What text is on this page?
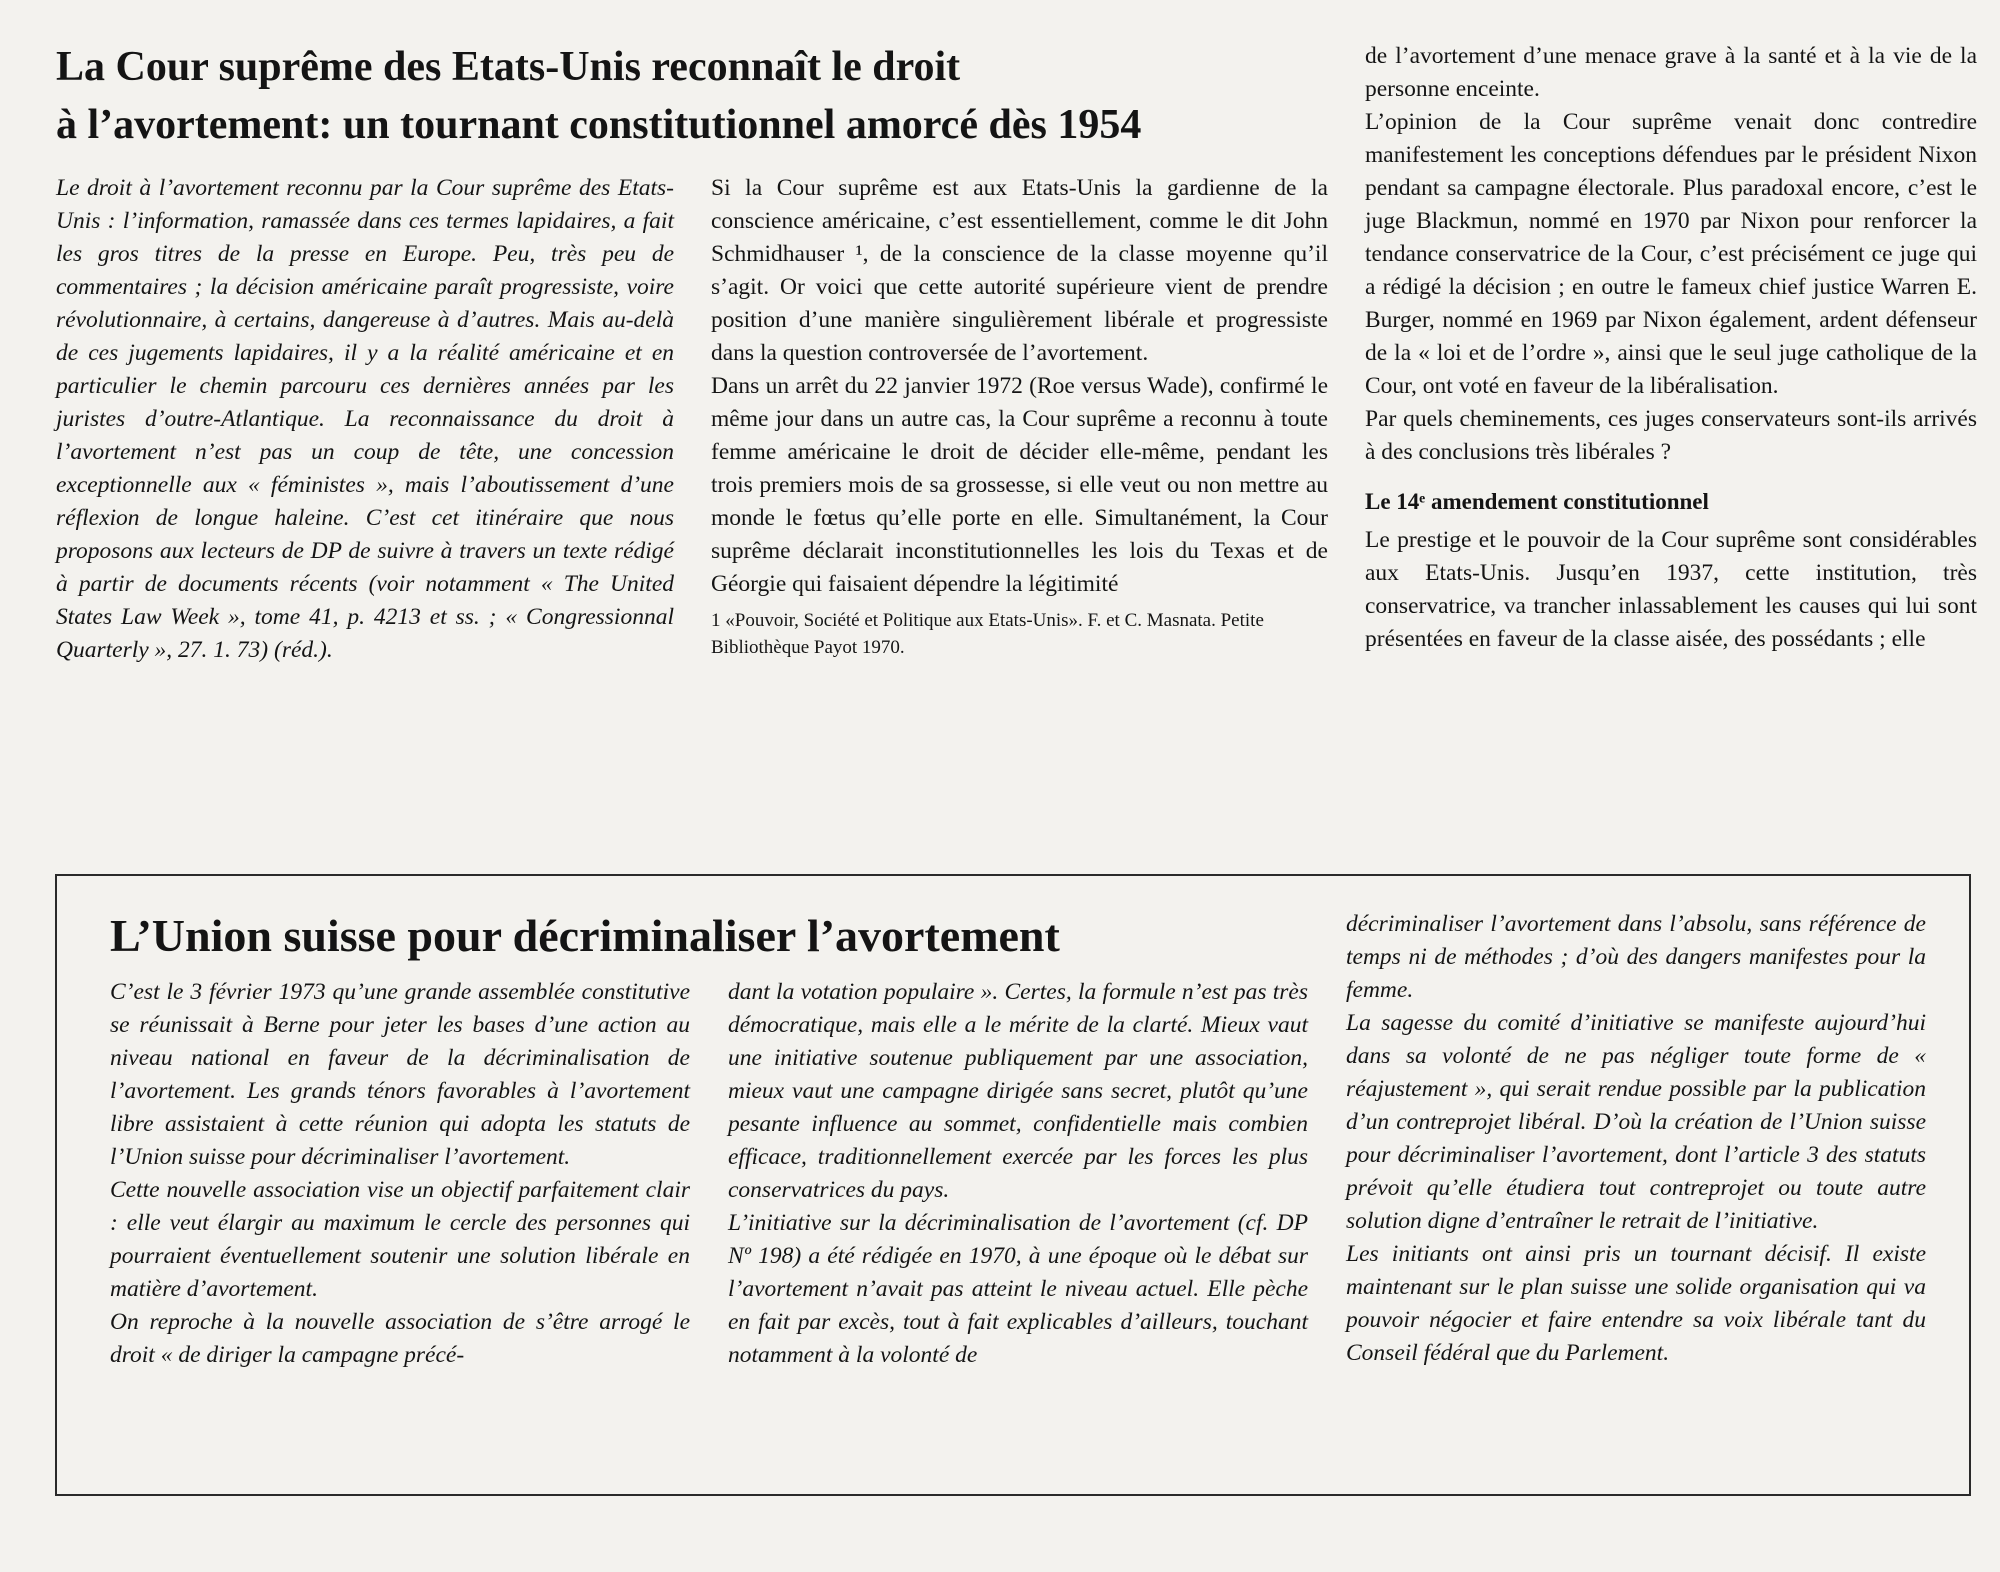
La Cour suprême des Etats-Unis reconnaît le droit
à l’avortement: un tournant constitutionnel amorcé dès 1954

Le droit à l’avortement reconnu par la Cour suprême des Etats-Unis : l’information, ramassée dans ces termes lapidaires, a fait les gros titres de la presse en Europe. Peu, très peu de commentaires ; la décision américaine paraît progressiste, voire révolutionnaire, à certains, dangereuse à d’autres. Mais au-delà de ces jugements lapidaires, il y a la réalité américaine et en particulier le chemin parcouru ces dernières années par les juristes d’outre-Atlantique. La reconnaissance du droit à l’avortement n’est pas un coup de tête, une concession exceptionnelle aux « féministes », mais l’aboutissement d’une réflexion de longue haleine. C’est cet itinéraire que nous proposons aux lecteurs de DP de suivre à travers un texte rédigé à partir de documents récents (voir notamment « The United States Law Week », tome 41, p. 4213 et ss. ; « Congressionnal Quarterly », 27. 1. 73) (réd.).

Si la Cour suprême est aux Etats-Unis la gardienne de la conscience américaine, c’est essentiellement, comme le dit John Schmidhauser ¹, de la conscience de la classe moyenne qu’il s’agit. Or voici que cette autorité supérieure vient de prendre position d’une manière singulièrement libérale et progressiste dans la question controversée de l’avortement.

Dans un arrêt du 22 janvier 1972 (Roe versus Wade), confirmé le même jour dans un autre cas, la Cour suprême a reconnu à toute femme américaine le droit de décider elle-même, pendant les trois premiers mois de sa grossesse, si elle veut ou non mettre au monde le fœtus qu’elle porte en elle. Simultanément, la Cour suprême déclarait inconstitutionnelles les lois du Texas et de Géorgie qui faisaient dépendre la légitimité

1 «Pouvoir, Société et Politique aux Etats-Unis». F. et C. Masnata. Petite Bibliothèque Payot 1970.

de l’avortement d’une menace grave à la santé et à la vie de la personne enceinte.

L’opinion de la Cour suprême venait donc contredire manifestement les conceptions défendues par le président Nixon pendant sa campagne électorale. Plus paradoxal encore, c’est le juge Blackmun, nommé en 1970 par Nixon pour renforcer la tendance conservatrice de la Cour, c’est précisément ce juge qui a rédigé la décision ; en outre le fameux chief justice Warren E. Burger, nommé en 1969 par Nixon également, ardent défenseur de la « loi et de l’ordre », ainsi que le seul juge catholique de la Cour, ont voté en faveur de la libéralisation.

Par quels cheminements, ces juges conservateurs sont-ils arrivés à des conclusions très libérales ?

Le 14ᵉ amendement constitutionnel

Le prestige et le pouvoir de la Cour suprême sont considérables aux Etats-Unis. Jusqu’en 1937, cette institution, très conservatrice, va trancher inlassablement les causes qui lui sont présentées en faveur de la classe aisée, des possédants ; elle

L’Union suisse pour décriminaliser l’avortement

C’est le 3 février 1973 qu’une grande assemblée constitutive se réunissait à Berne pour jeter les bases d’une action au niveau national en faveur de la décriminalisation de l’avortement. Les grands ténors favorables à l’avortement libre assistaient à cette réunion qui adopta les statuts de l’Union suisse pour décriminaliser l’avortement.

Cette nouvelle association vise un objectif parfaitement clair : elle veut élargir au maximum le cercle des personnes qui pourraient éventuellement soutenir une solution libérale en matière d’avortement.

On reproche à la nouvelle association de s’être arrogé le droit « de diriger la campagne précé-

dant la votation populaire ». Certes, la formule n’est pas très démocratique, mais elle a le mérite de la clarté. Mieux vaut une initiative soutenue publiquement par une association, mieux vaut une campagne dirigée sans secret, plutôt qu’une pesante influence au sommet, confidentielle mais combien efficace, traditionnellement exercée par les forces les plus conservatrices du pays.

L’initiative sur la décriminalisation de l’avortement (cf. DP Nº 198) a été rédigée en 1970, à une époque où le débat sur l’avortement n’avait pas atteint le niveau actuel. Elle pèche en fait par excès, tout à fait explicables d’ailleurs, touchant notamment à la volonté de

décriminaliser l’avortement dans l’absolu, sans référence de temps ni de méthodes ; d’où des dangers manifestes pour la femme.

La sagesse du comité d’initiative se manifeste aujourd’hui dans sa volonté de ne pas négliger toute forme de « réajustement », qui serait rendue possible par la publication d’un contreprojet libéral. D’où la création de l’Union suisse pour décriminaliser l’avortement, dont l’article 3 des statuts prévoit qu’elle étudiera tout contreprojet ou toute autre solution digne d’entraîner le retrait de l’initiative.

Les initiants ont ainsi pris un tournant décisif. Il existe maintenant sur le plan suisse une solide organisation qui va pouvoir négocier et faire entendre sa voix libérale tant du Conseil fédéral que du Parlement.
